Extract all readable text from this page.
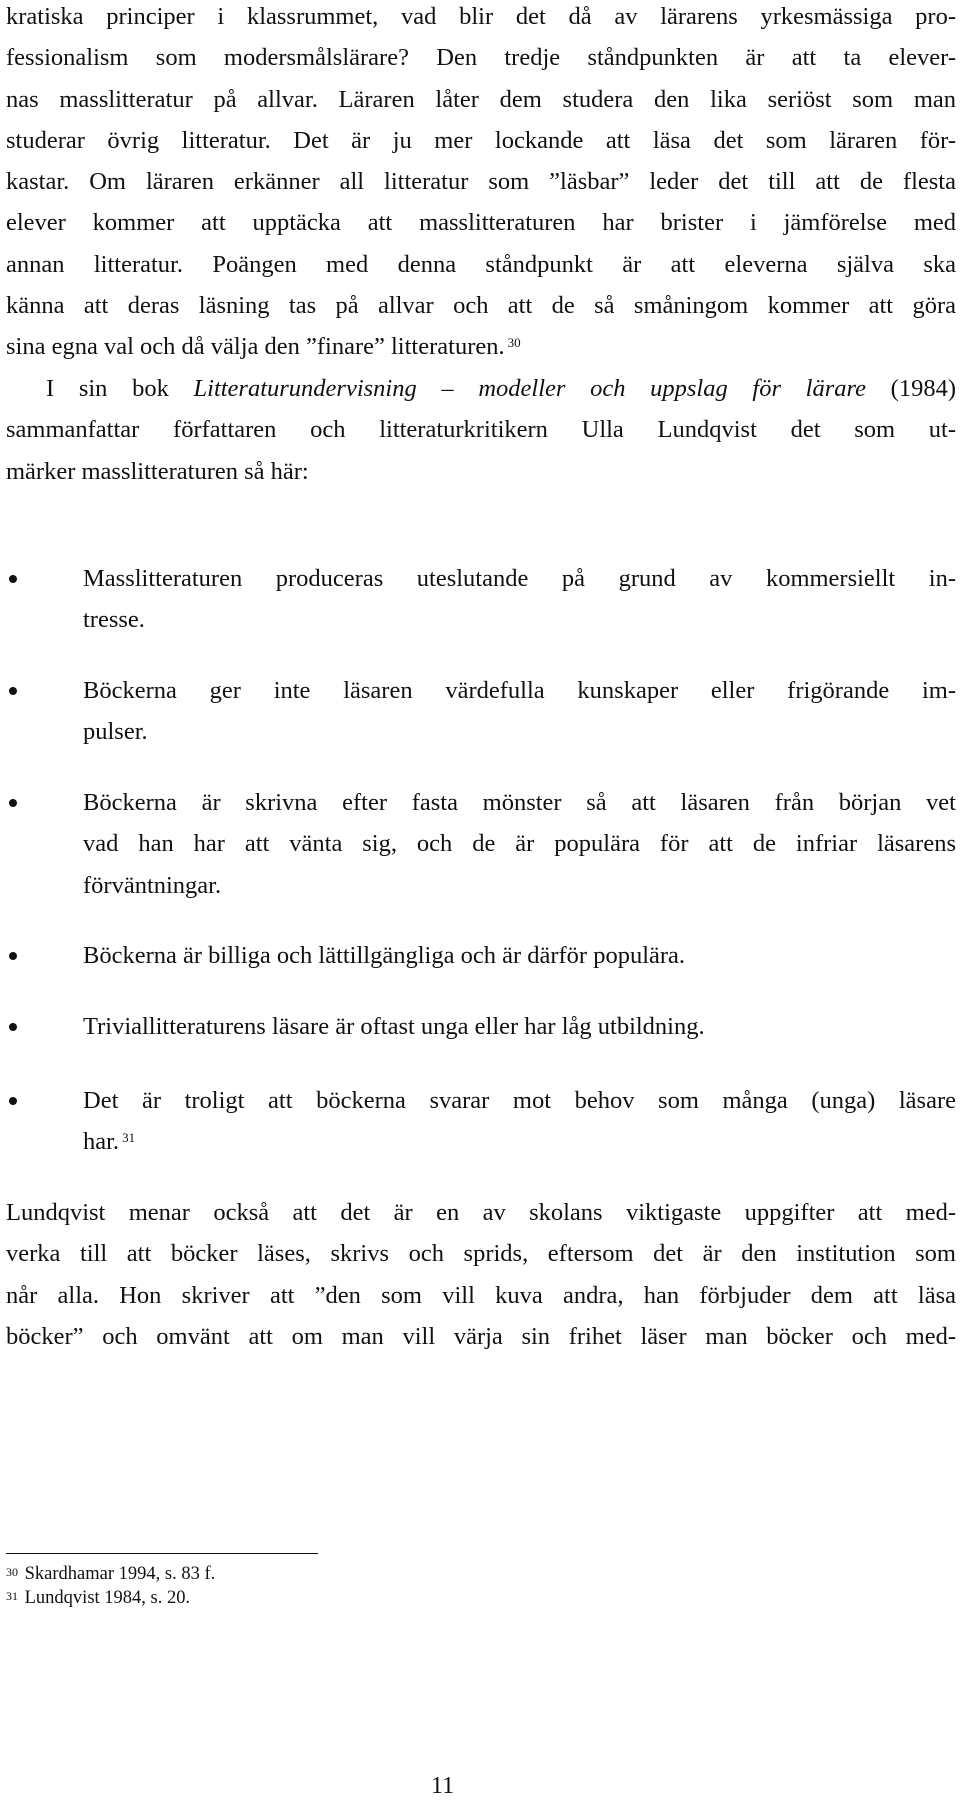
kratiska principer i klassrummet, vad blir det då av lärarens yrkesmässiga pro-
fessionalism som modersmålslärare? Den tredje ståndpunkten är att ta elever-
nas masslitteratur på allvar. Läraren låter dem studera den lika seriöst som man
studerar övrig litteratur. Det är ju mer lockande att läsa det som läraren för-
kastar. Om läraren erkänner all litteratur som ”läsbar” leder det till att de flesta
elever kommer att upptäcka att masslitteraturen har brister i jämförelse med
annan litteratur. Poängen med denna ståndpunkt är att eleverna själva ska
känna att deras läsning tas på allvar och att de så småningom kommer att göra
sina egna val och då välja den ”finare” litteraturen. $^{30}$
I sin bok Litteraturundervisning – modeller och uppslag för lärare (1984)
sammanfattar författaren och litteraturkritikern Ulla Lundqvist det som ut-
märker masslitteraturen så här:
Masslitteraturen produceras uteslutande på grund av kommersiellt in-
tresse.
Böckerna ger inte läsaren värdefulla kunskaper eller frigörande im-
pulser.
Böckerna är skrivna efter fasta mönster så att läsaren från början vet
vad han har att vänta sig, och de är populära för att de infriar läsarens
förväntningar.
Böckerna är billiga och lättillgängliga och är därför populära.
Triviallitteraturens läsare är oftast unga eller har låg utbildning.
Det är troligt att böckerna svarar mot behov som många (unga) läsare
har. $^{31}$
Lundqvist menar också att det är en av skolans viktigaste uppgifter att med-
verka till att böcker läses, skrivs och sprids, eftersom det är den institution som
når alla. Hon skriver att ”den som vill kuva andra, han förbjuder dem att läsa
böcker” och omvänt att om man vill värja sin frihet läser man böcker och med-
$^{30}$ Skardhamar 1994, s. 83 f.
$^{31}$ Lundqvist 1984, s. 20.
11
